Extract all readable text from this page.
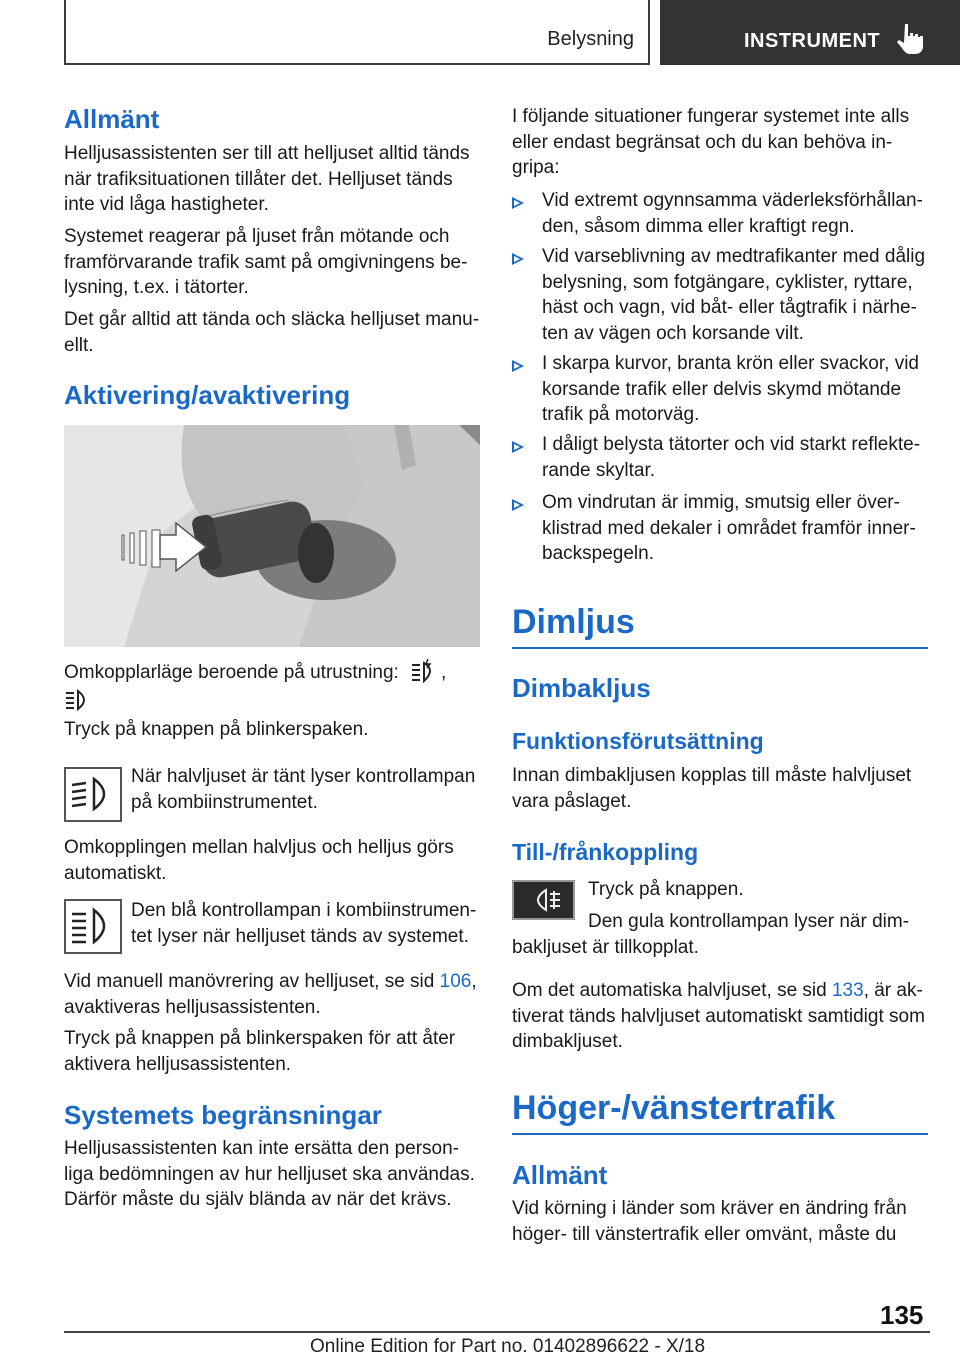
Belysning	INSTRUMENT
Allmänt
Helljusassistenten ser till att helljuset alltid tänds när trafiksituationen tillåter det. Helljuset tänds inte vid låga hastigheter.
Systemet reagerar på ljuset från mötande och framförvarande trafik samt på omgivningens be-lysning, t.ex. i tätorter.
Det går alltid att tända och släcka helljuset manu-ellt.
Aktivering/avaktivering
Omkopplarläge beroende på utrustning:	,
Tryck på knappen på blinkerspaken.
När halvljuset är tänt lyser kontrollampan på kombiinstrumentet.
Omkopplingen mellan halvljus och helljus görs automatiskt.
Den blå kontrollampan i kombiinstrumen-tet lyser när helljuset tänds av systemet.
Vid manuell manövrering av helljuset, se sid 106, avaktiveras helljusassistenten.
Tryck på knappen på blinkerspaken för att åter aktivera helljusassistenten.
Systemets begränsningar
Helljusassistenten kan inte ersätta den person-liga bedömningen av hur helljuset ska användas. Därför måste du själv blända av när det krävs.
I följande situationer fungerar systemet inte alls eller endast begränsat och du kan behöva in-gripa:
Vid extremt ogynnsamma väderleksförhållan-den, såsom dimma eller kraftigt regn.
Vid varseblivning av medtrafikanter med dålig belysning, som fotgängare, cyklister, ryttare, häst och vagn, vid båt- eller tågtrafik i närhe-ten av vägen och korsande vilt.
I skarpa kurvor, branta krön eller svackor, vid korsande trafik eller delvis skymd mötande trafik på motorväg.
I dåligt belysta tätorter och vid starkt reflekte-rande skyltar.
Om vindrutan är immig, smutsig eller över-klistrad med dekaler i området framför inner-backspegeln.
Dimljus
Dimbakljus
Funktionsförutsättning
Innan dimbakljusen kopplas till måste halvljuset vara påslaget.
Till-/frånkoppling
Tryck på knappen.
Den gula kontrollampan lyser när dim-bakljuset är tillkopplat.
Om det automatiska halvljuset, se sid 133, är ak-tiverat tänds halvljuset automatiskt samtidigt som dimbakljuset.
Höger-/vänstertrafik
Allmänt
Vid körning i länder som kräver en ändring från höger- till vänstertrafik eller omvänt, måste du
135
Online Edition for Part no. 01402896622 - X/18
